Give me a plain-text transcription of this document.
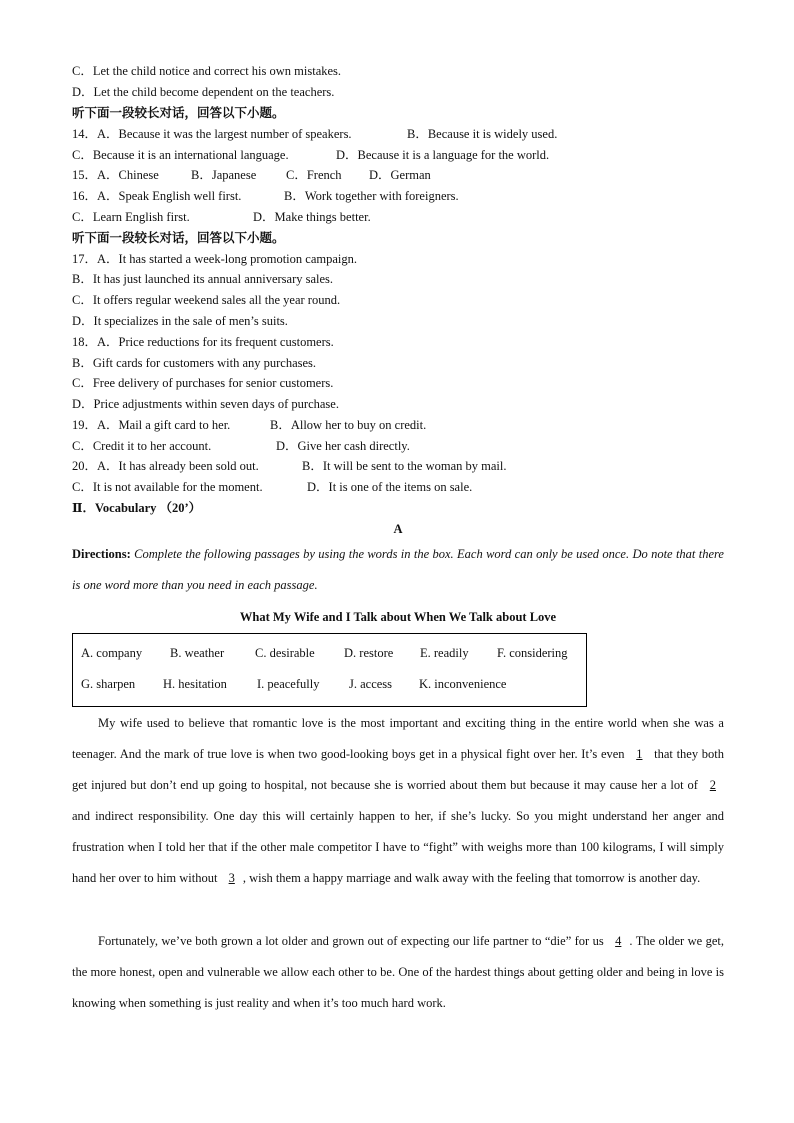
C．Let the child notice and correct his own mistakes.
D．Let the child become dependent on the teachers.
听下面一段较长对话，回答以下小题。
14．A．Because it was the largest number of speakers.	B．Because it is widely used.
C．Because it is an international language.	D．Because it is a language for the world.
15．A．Chinese	B．Japanese C．French D．German
16．A．Speak English well first.	B．Work together with foreigners.
C．Learn English first.	D．Make things better.
听下面一段较长对话，回答以下小题。
17．A．It has started a week-long promotion campaign.
B．It has just launched its annual anniversary sales.
C．It offers regular weekend sales all the year round.
D．It specializes in the sale of men’s suits.
18．A．Price reductions for its frequent customers.
B．Gift cards for customers with any purchases.
C．Free delivery of purchases for senior customers.
D．Price adjustments within seven days of purchase.
19．A．Mail a gift card to her.	B．Allow her to buy on credit.
C．Credit it to her account.	D．Give her cash directly.
20．A．It has already been sold out.	B．It will be sent to the woman by mail.
C．It is not available for the moment.	D．It is one of the items on sale.
Ⅱ．Vocabulary （20’）
A
Directions: Complete the following passages by using the words in the box. Each word can only be used once. Do note that there is one word more than you need in each passage.
What My Wife and I Talk about When We Talk about Love
A. company B. weather C. desirable D. restore E. readily F. considering
G. sharpen H. hesitation I. peacefully J. access K. inconvenience
My wife used to believe that romantic love is the most important and exciting thing in the entire world when she was a teenager. And the mark of true love is when two good-looking boys get in a physical fight over her. It’s even 1 that they both get injured but don’t end up going to hospital, not because she is worried about them but because it may cause her a lot of 2 and indirect responsibility. One day this will certainly happen to her, if she’s lucky. So you might understand her anger and frustration when I told her that if the other male competitor I have to “fight” with weighs more than 100 kilograms, I will simply hand her over to him without 3 , wish them a happy marriage and walk away with the feeling that tomorrow is another day.
Fortunately, we’ve both grown a lot older and grown out of expecting our life partner to “die” for us 4 . The older we get, the more honest, open and vulnerable we allow each other to be. One of the hardest things about getting older and being in love is knowing when something is just reality and when it’s too much hard work.
